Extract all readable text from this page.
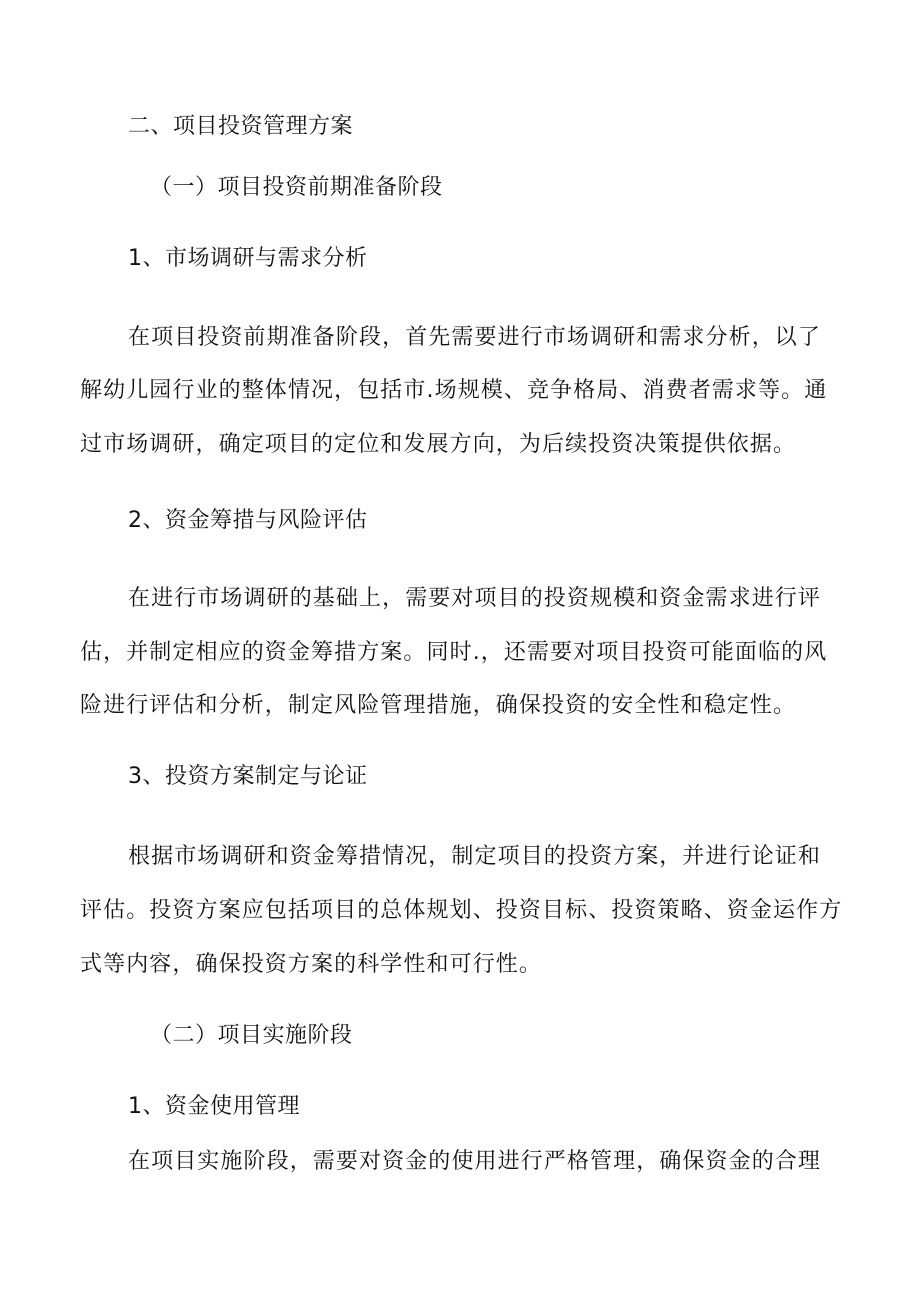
二、项目投资管理方案
（一）项目投资前期准备阶段
1、市场调研与需求分析
在项目投资前期准备阶段，首先需要进行市场调研和需求分析，以了
解幼儿园行业的整体情况，包括市.场规模、竞争格局、消费者需求等。通
过市场调研，确定项目的定位和发展方向，为后续投资决策提供依据。
2、资金筹措与风险评估
在进行市场调研的基础上，需要对项目的投资规模和资金需求进行评
估，并制定相应的资金筹措方案。同时.，还需要对项目投资可能面临的风
险进行评估和分析，制定风险管理措施，确保投资的安全性和稳定性。
3、投资方案制定与论证
根据市场调研和资金筹措情况，制定项目的投资方案，并进行论证和
评估。投资方案应包括项目的总体规划、投资目标、投资策略、资金运作方
式等内容，确保投资方案的科学性和可行性。
（二）项目实施阶段
1、资金使用管理
在项目实施阶段，需要对资金的使用进行严格管理，确保资金的合理
